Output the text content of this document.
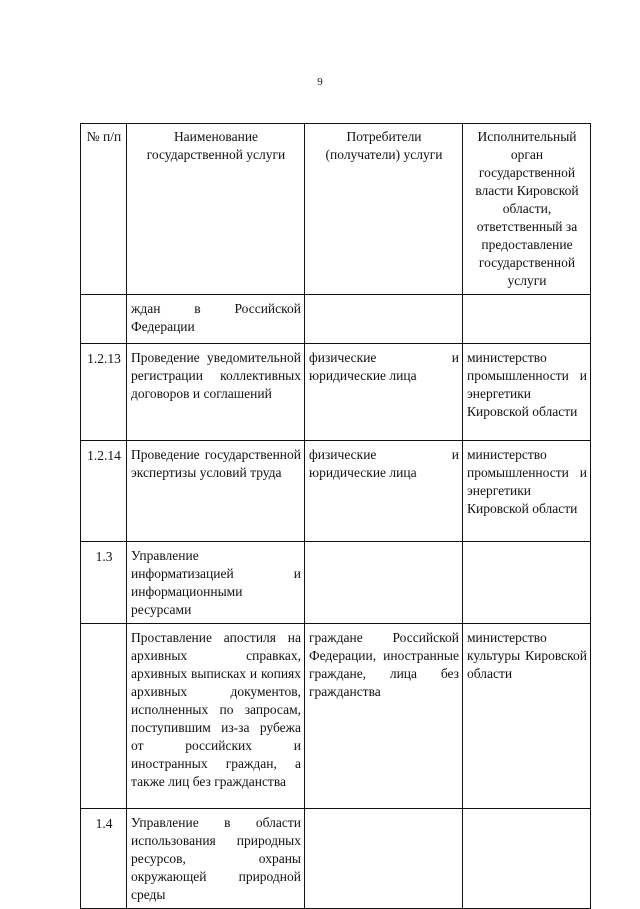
9
№ п/п	Наименование государственной услуги	Потребители (получатели) услуги	Исполнительный орган государственной власти Кировской области, ответственный за предоставление государственной услуги
	ждан в Российской Федерации		
1.2.13	Проведение уведомительной регистрации коллективных договоров и соглашений	физические и юридические лица	министерство промышленности и энергетики Кировской области
1.2.14	Проведение государственной экспертизы условий труда	физические и юридические лица	министерство промышленности и энергетики Кировской области
1.3	Управление информатизацией и информационными ресурсами		
	Проставление апостиля на архивных справках, архивных выписках и копиях архивных документов, исполненных по запросам, поступившим из-за рубежа от российских и иностранных граждан, а также лиц без гражданства	граждане Российской Федерации, иностранные граждане, лица без гражданства	министерство культуры Кировской области
1.4	Управление в области использования природных ресурсов, охраны окружающей природной среды		
